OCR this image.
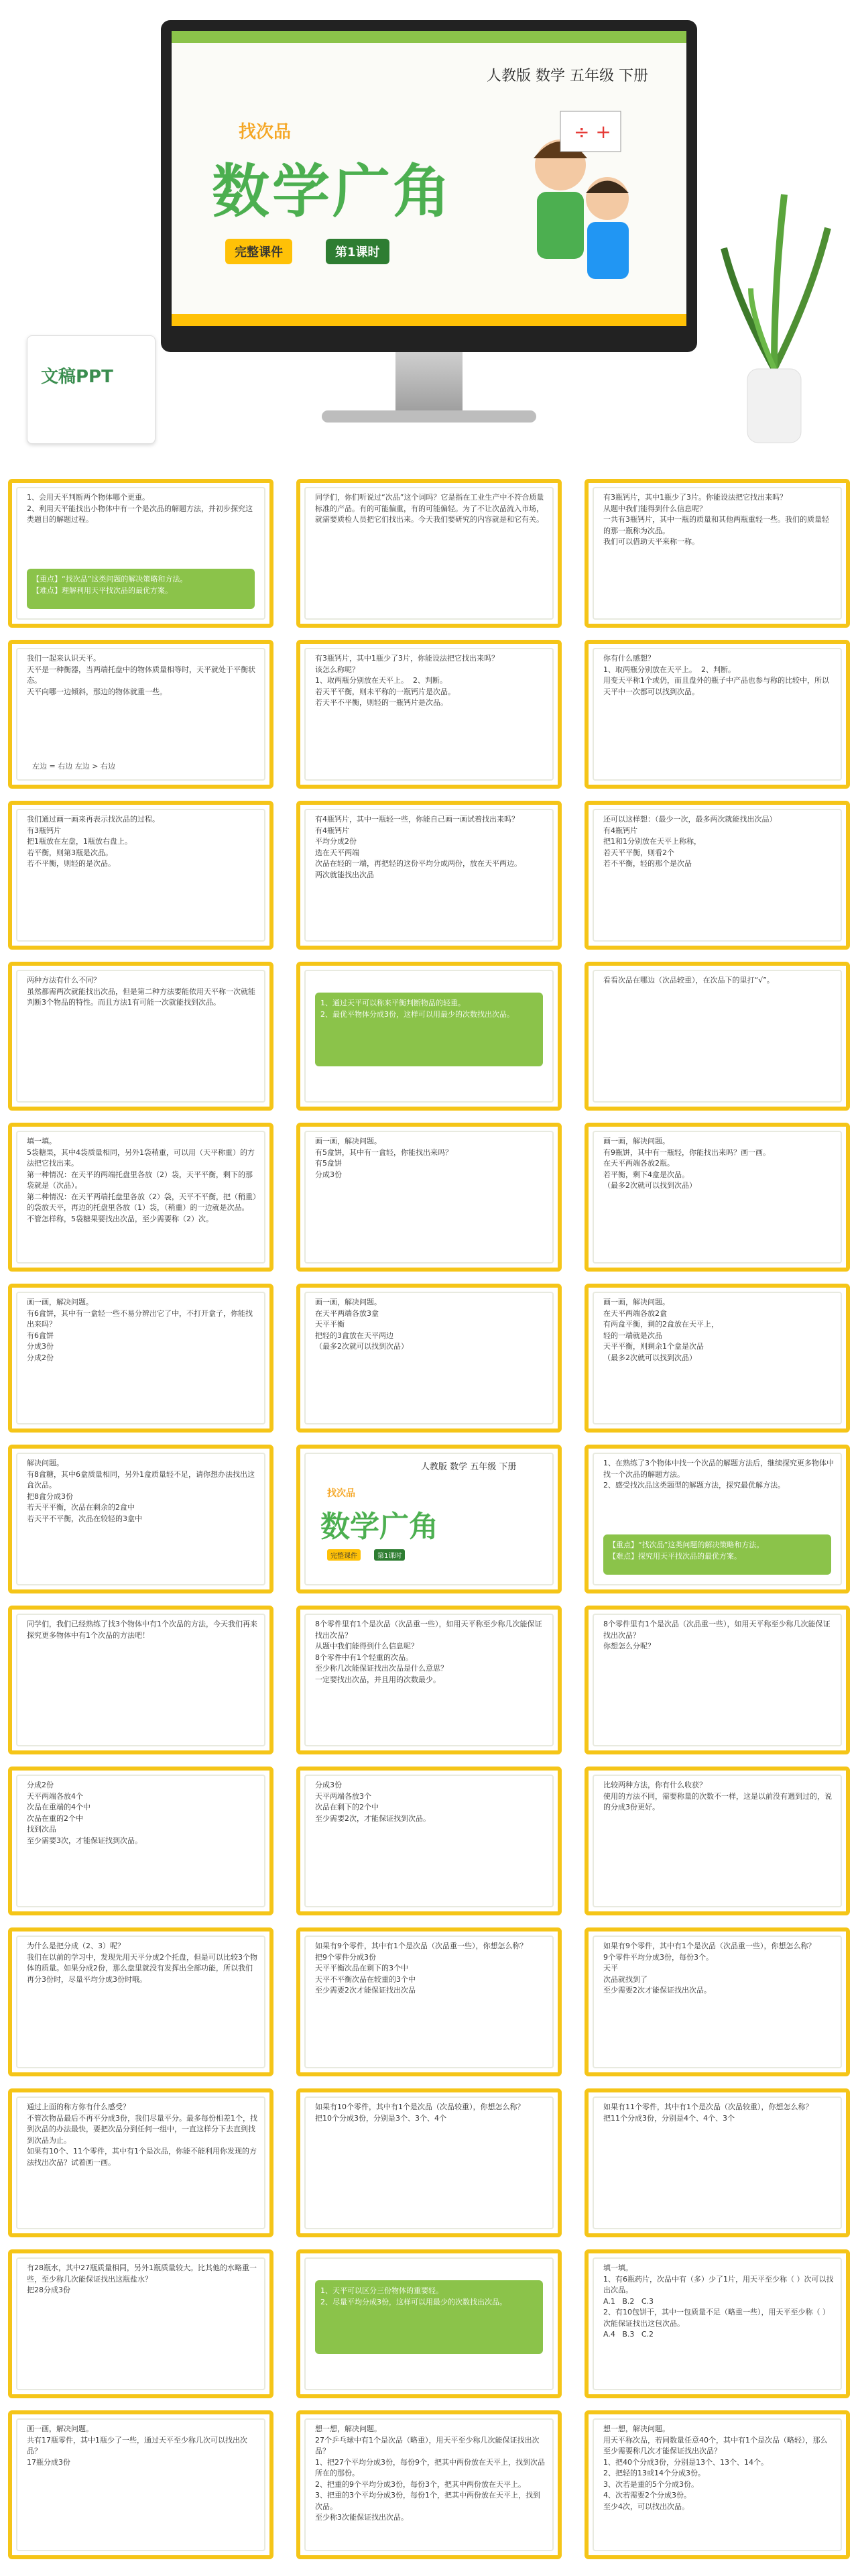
人教版 数学 五年级 下册
找次品
数学广角
完整课件	第1课时
÷ +
文稿PPT
1、会用天平判断两个物体哪个更重。
2、利用天平能找出小物体中有一个是次品的解题方法，并初步探究这类题目的解题过程。
【重点】“找次品”这类问题的解决策略和方法。
【难点】理解利用天平找次品的最优方案。
同学们，你们听说过“次品”这个词吗？它是指在工业生产中不符合质量标准的产品。有的可能偏重，有的可能偏轻。为了不让次品流入市场，就需要质检人员把它们找出来。今天我们要研究的内容就是和它有关。
有3瓶钙片，其中1瓶少了3片。你能设法把它找出来吗？
从题中我们能得到什么信息呢？
一共有3瓶钙片，其中一瓶的质量和其他两瓶重轻一些。我们的质量轻的那一瓶称为次品。
我们可以借助天平来称一称。
我们一起来认识天平。
天平是一种衡器，当两端托盘中的物体质量相等时，天平就处于平衡状态。
天平向哪一边倾斜，那边的物体就重一些。
左边 = 右边 左边 > 右边
有3瓶钙片，其中1瓶少了3片，你能设法把它找出来吗？
该怎么称呢？
1、取两瓶分别放在天平上。  2、判断。
若天平平衡，则未平称的一瓶钙片是次品。
若天平不平衡，则轻的一瓶钙片是次品。
你有什么感想？
1、取两瓶分别放在天平上。  2、判断。
用变天平称1个或仍，而且盘外的瓶子中产品也参与称的比较中，所以天平中一次都可以找到次品。
我们通过画一画来再表示找次品的过程。
有3瓶钙片
把1瓶放在左盘，1瓶放右盘上。
若平衡，则第3瓶是次品。
若不平衡，则轻的是次品。
有4瓶钙片，其中一瓶轻一些，你能自己画一画试着找出来吗？
有4瓶钙片
平均分成2份
选在天平两端
次品在轻的一端，再把轻的这份平均分成两份，放在天平两边。
两次就能找出次品
还可以这样想：（最少一次，最多两次就能找出次品）
有4瓶钙片
把1和1分别放在天平上称称，
若天平平衡，则看2个
若不平衡，轻的那个是次品
两种方法有什么不同？
虽然都需两次就能找出次品，但是第二种方法要能依用天平称一次就能判断3个物品的特性。而且方法1有可能一次就能找到次品。	1、通过天平可以称来平衡判断物品的轻重。
2、最优平物体分成3份，这样可以用最少的次数找出次品。
看看次品在哪边（次品较重），在次品下的里打“√”。
填一填。
5袋糖果，其中4袋质量相同，另外1袋稍重，可以用（天平称重）的方法把它找出来。
第一种情况：在天平的两端托盘里各放（2）袋，天平平衡，剩下的那袋就是（次品）。
第二种情况：在天平两端托盘里各放（2）袋，天平不平衡，把（稍重）的袋放天平，再边的托盘里各放（1）袋，（稍重）的一边就是次品。
不管怎样称，5袋糖果要找出次品，至少需要称（2）次。
画一画，解决问题。
有5盒饼，其中有一盒轻，你能找出来吗？
有5盒饼
分成3份
画一画，解决问题。
有9瓶饼，其中有一瓶轻，你能找出来吗？画一画。
在天平两端各放2瓶。
若平衡，剩下4盒是次品。
（最多2次就可以找到次品）
画一画，解决问题。
有6盒饼，其中有一盒轻一些不易分辨出它了中，不打开盒子，你能找出来吗？
有6盒饼
分成3份
分成2份
画一画，解决问题。
在天平两端各放3盒
天平平衡
把轻的3盒放在天平两边
（最多2次就可以找到次品）
画一画，解决问题。
在天平两端各放2盒
有两盒平衡，剩的2盒放在天平上，
轻的一端就是次品
天平平衡，则剩余1个盒是次品
（最多2次就可以找到次品）
解决问题。
有8盒糖，其中6盒质量相同，另外1盒质量轻不足，请你想办法找出这盒次品。
把8盒分成3份
若天平平衡，次品在剩余的2盒中
若天平不平衡，次品在较轻的3盒中
人教版 数学 五年级 下册
找次品
数学广角
完整课件	第1课时
1、在熟练了3个物体中找一个次品的解题方法后，继续探究更多物体中找一个次品的解题方法。
2、感受找次品这类题型的解题方法，探究最优解方法。
【重点】“找次品”这类问题的解决策略和方法。
【难点】探究用天平找次品的最优方案。
同学们，我们已经熟练了找3个物体中有1个次品的方法，今天我们再来探究更多物体中有1个次品的方法吧！
8个零件里有1个是次品（次品重一些），如用天平称至少称几次能保证找出次品？
从题中我们能得到什么信息呢？
8个零件中有1个轻重的次品。
至少称几次能保证找出次品是什么意思？
一定要找出次品，并且用的次数最少。
8个零件里有1个是次品（次品重一些），如用天平称至少称几次能保证找出次品？
你想怎么分呢？
分成2份
天平两端各放4个
次品在重端的4个中
次品在重的2个中
找到次品
至少需要3次，才能保证找到次品。
分成3份
天平两端各放3个
次品在剩下的2个中
至少需要2次，才能保证找到次品。
比较两种方法，你有什么收获？
使用的方法不同，需要称量的次数不一样，这是以前没有遇到过的，说的分成3份更好。
为什么是把分成（2、3）呢？
我们在以前的学习中，发现先用天平分成2个托盘，但是可以比较3个物体的质量。如果分成2份，那么盘里就没有发挥出全部功能，所以我们再分3份时，尽量平均分成3份时哦。
如果有9个零件，其中有1个是次品（次品重一些），你想怎么称？
把9个零件分成3份
天平平衡次品在剩下的3个中
天平不平衡次品在较重的3个中
至少需要2次才能保证找出次品
如果有9个零件，其中有1个是次品（次品重一些），你想怎么称？
9个零件平均分成3份，每份3个。
天平
次品就找到了
至少需要2次才能保证找出次品。
通过上面的称方你有什么感受？
不管次物品最后不再平分成3份，我们尽量平分。最多每份相差1个，找到次品的办法最快，要把次品分到任何一组中，一直这样分下去直到找到次品为止。
如果有10个、11个零件，其中有1个是次品，你能不能利用你发现的方法找出次品？试着画一画。
如果有10个零件，其中有1个是次品（次品较重），你想怎么称？
把10个分成3份，分别是3个、3个、4个
如果有11个零件，其中有1个是次品（次品较重），你想怎么称？
把11个分成3份，分别是4个、4个、3个
有28瓶水，其中27瓶质量相同，另外1瓶质量较大。比其他的水略重一些，至少称几次能保证找出这瓶盐水？
把28分成3份	1、天平可以区分三份物体的重要轻。
2、尽量平均分成3份，这样可以用最少的次数找出次品。
填一填。
1、有6瓶药片，次品中有（多）少了1片，用天平至少称（ ）次可以找出次品。
A.1   B.2   C.3
2、有10包饼干，其中一包质量不足（略重一些），用天平至少称（ ）次能保证找出这包次品。
A.4   B.3   C.2
画一画，解决问题。
共有17瓶零件，其中1瓶少了一些，通过天平至少称几次可以找出次品？
17瓶分成3份
想一想，解决问题。
27个乒乓球中有1个是次品（略重），用天平至少称几次能保证找出次品？
1、把27个平均分成3份，每份9个，把其中两份放在天平上，找到次品所在的那份。
2、把重的9个平均分成3份，每份3个，把其中两份放在天平上。
3、把重的3个平均分成3份，每份1个，把其中两份放在天平上，找到次品。
至少称3次能保证找出次品。
想一想，解决问题。
用天平称次品，若同数量任意40个，其中有1个是次品（略轻），那么至少需要称几次才能保证找出次品？
1、把40个分成3份，分别是13个、13个、14个。
2、把轻的13或14个分成3份。
3、次若是重的5个分成3份。
4、次若需要2个分成3份。
至少4次，可以找出次品。
